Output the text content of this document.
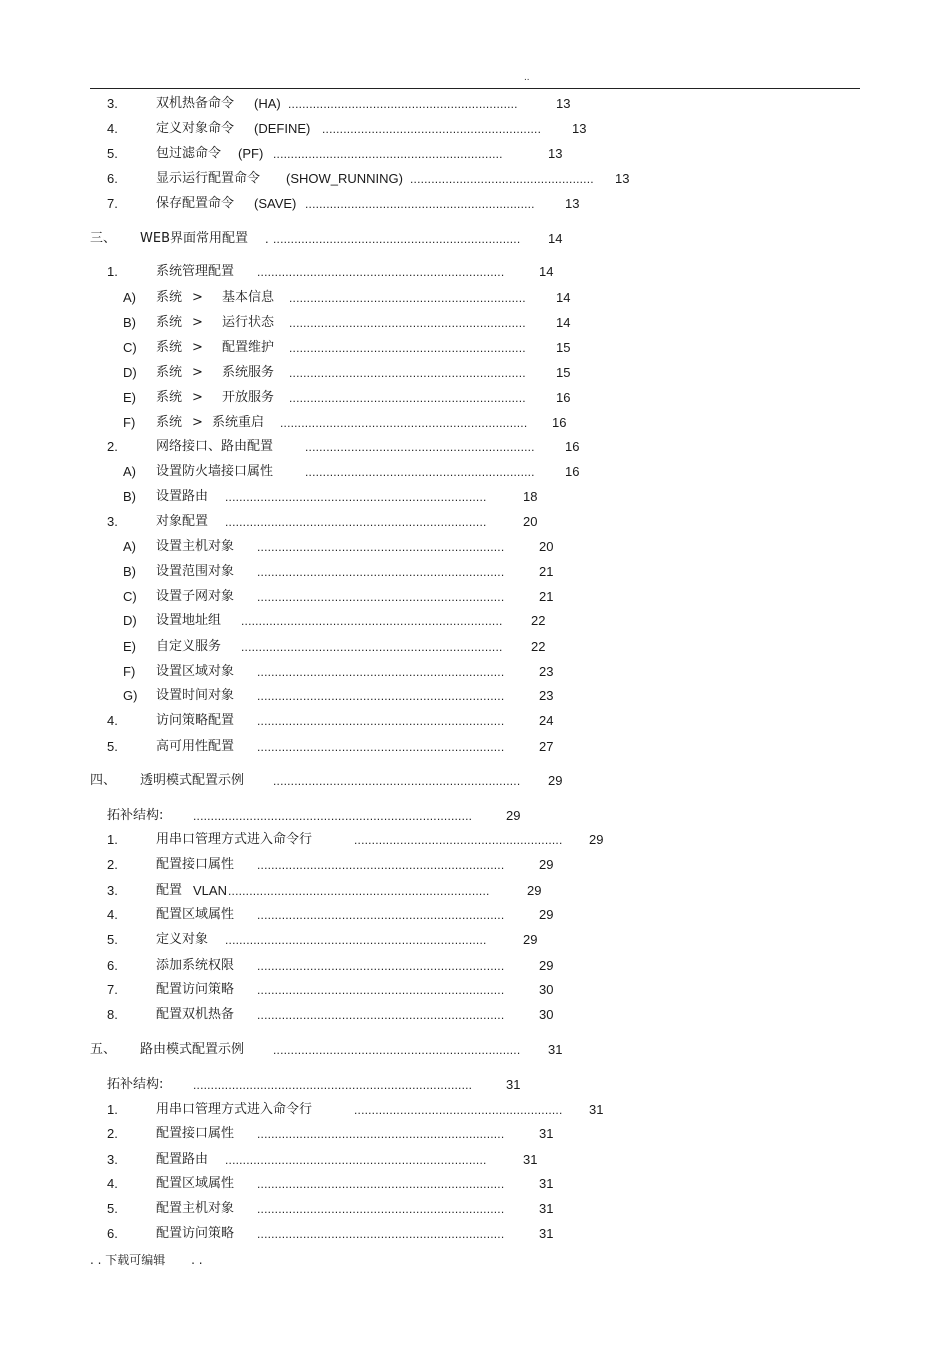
..
3.	双机热备命令 (HA) .................................................................	13
4.	定义对象命令 (DEFINE) .............................................................. 13
5.	包过滤命令 (PF) .................................................................	13
6.	显示运行配置命令 (SHOW_RUNNING) .................................................... 13
7.	保存配置命令 (SAVE) ................................................................. 13
三、 WEB界面常用配置 . ...................................................................... 14
1.	系统管理配置 ......................................................................	14
A) 系统 > 基本信息 ................................................................... 14
B) 系统 > 运行状态 ................................................................... 14
C) 系统 > 配置维护 ................................................................... 15
D) 系统 > 系统服务 ................................................................... 15
E) 系统 > 开放服务 ................................................................... 16
F) 系统 > 系统重启 ...................................................................... 16
2.	网络接口、路由配置	................................................................. 16
A) 设置防火墙接口属性	................................................................. 16
B) 设置路由 ..........................................................................	18
3.	对象配置 ..........................................................................	20
A) 设置主机对象 ......................................................................	20
B) 设置范围对象 ......................................................................	21
C) 设置子网对象 ......................................................................	21
D) 设置地址组 .......................................................................... 22
E) 自定义服务 .......................................................................... 22
F) 设置区域对象 ......................................................................	23
G) 设置时间对象 ......................................................................	23
4.	访问策略配置 ......................................................................	24
5.	高可用性配置 ......................................................................	27
四、 透明模式配置示例 ...................................................................... 29
拓补结构: ...............................................................................	29
1.	用串口管理方式进入命令行	........................................................... 29
2.	配置接口属性 ......................................................................	29
3.	配置 VLAN ..........................................................................	29
4.	配置区域属性 ......................................................................	29
5.	定义对象 ..........................................................................	29
6.	添加系统权限 ......................................................................	29
7.	配置访问策略 ......................................................................	30
8.	配置双机热备 ......................................................................	30
五、 路由模式配置示例 ...................................................................... 31
拓补结构: ...............................................................................	31
1.	用串口管理方式进入命令行	........................................................... 31
2.	配置接口属性 ......................................................................	31
3.	配置路由 ..........................................................................	31
4.	配置区域属性 ......................................................................	31
5.	配置主机对象 ......................................................................	31
6.	配置访问策略 ......................................................................	31
. . 下载可编辑 . .
